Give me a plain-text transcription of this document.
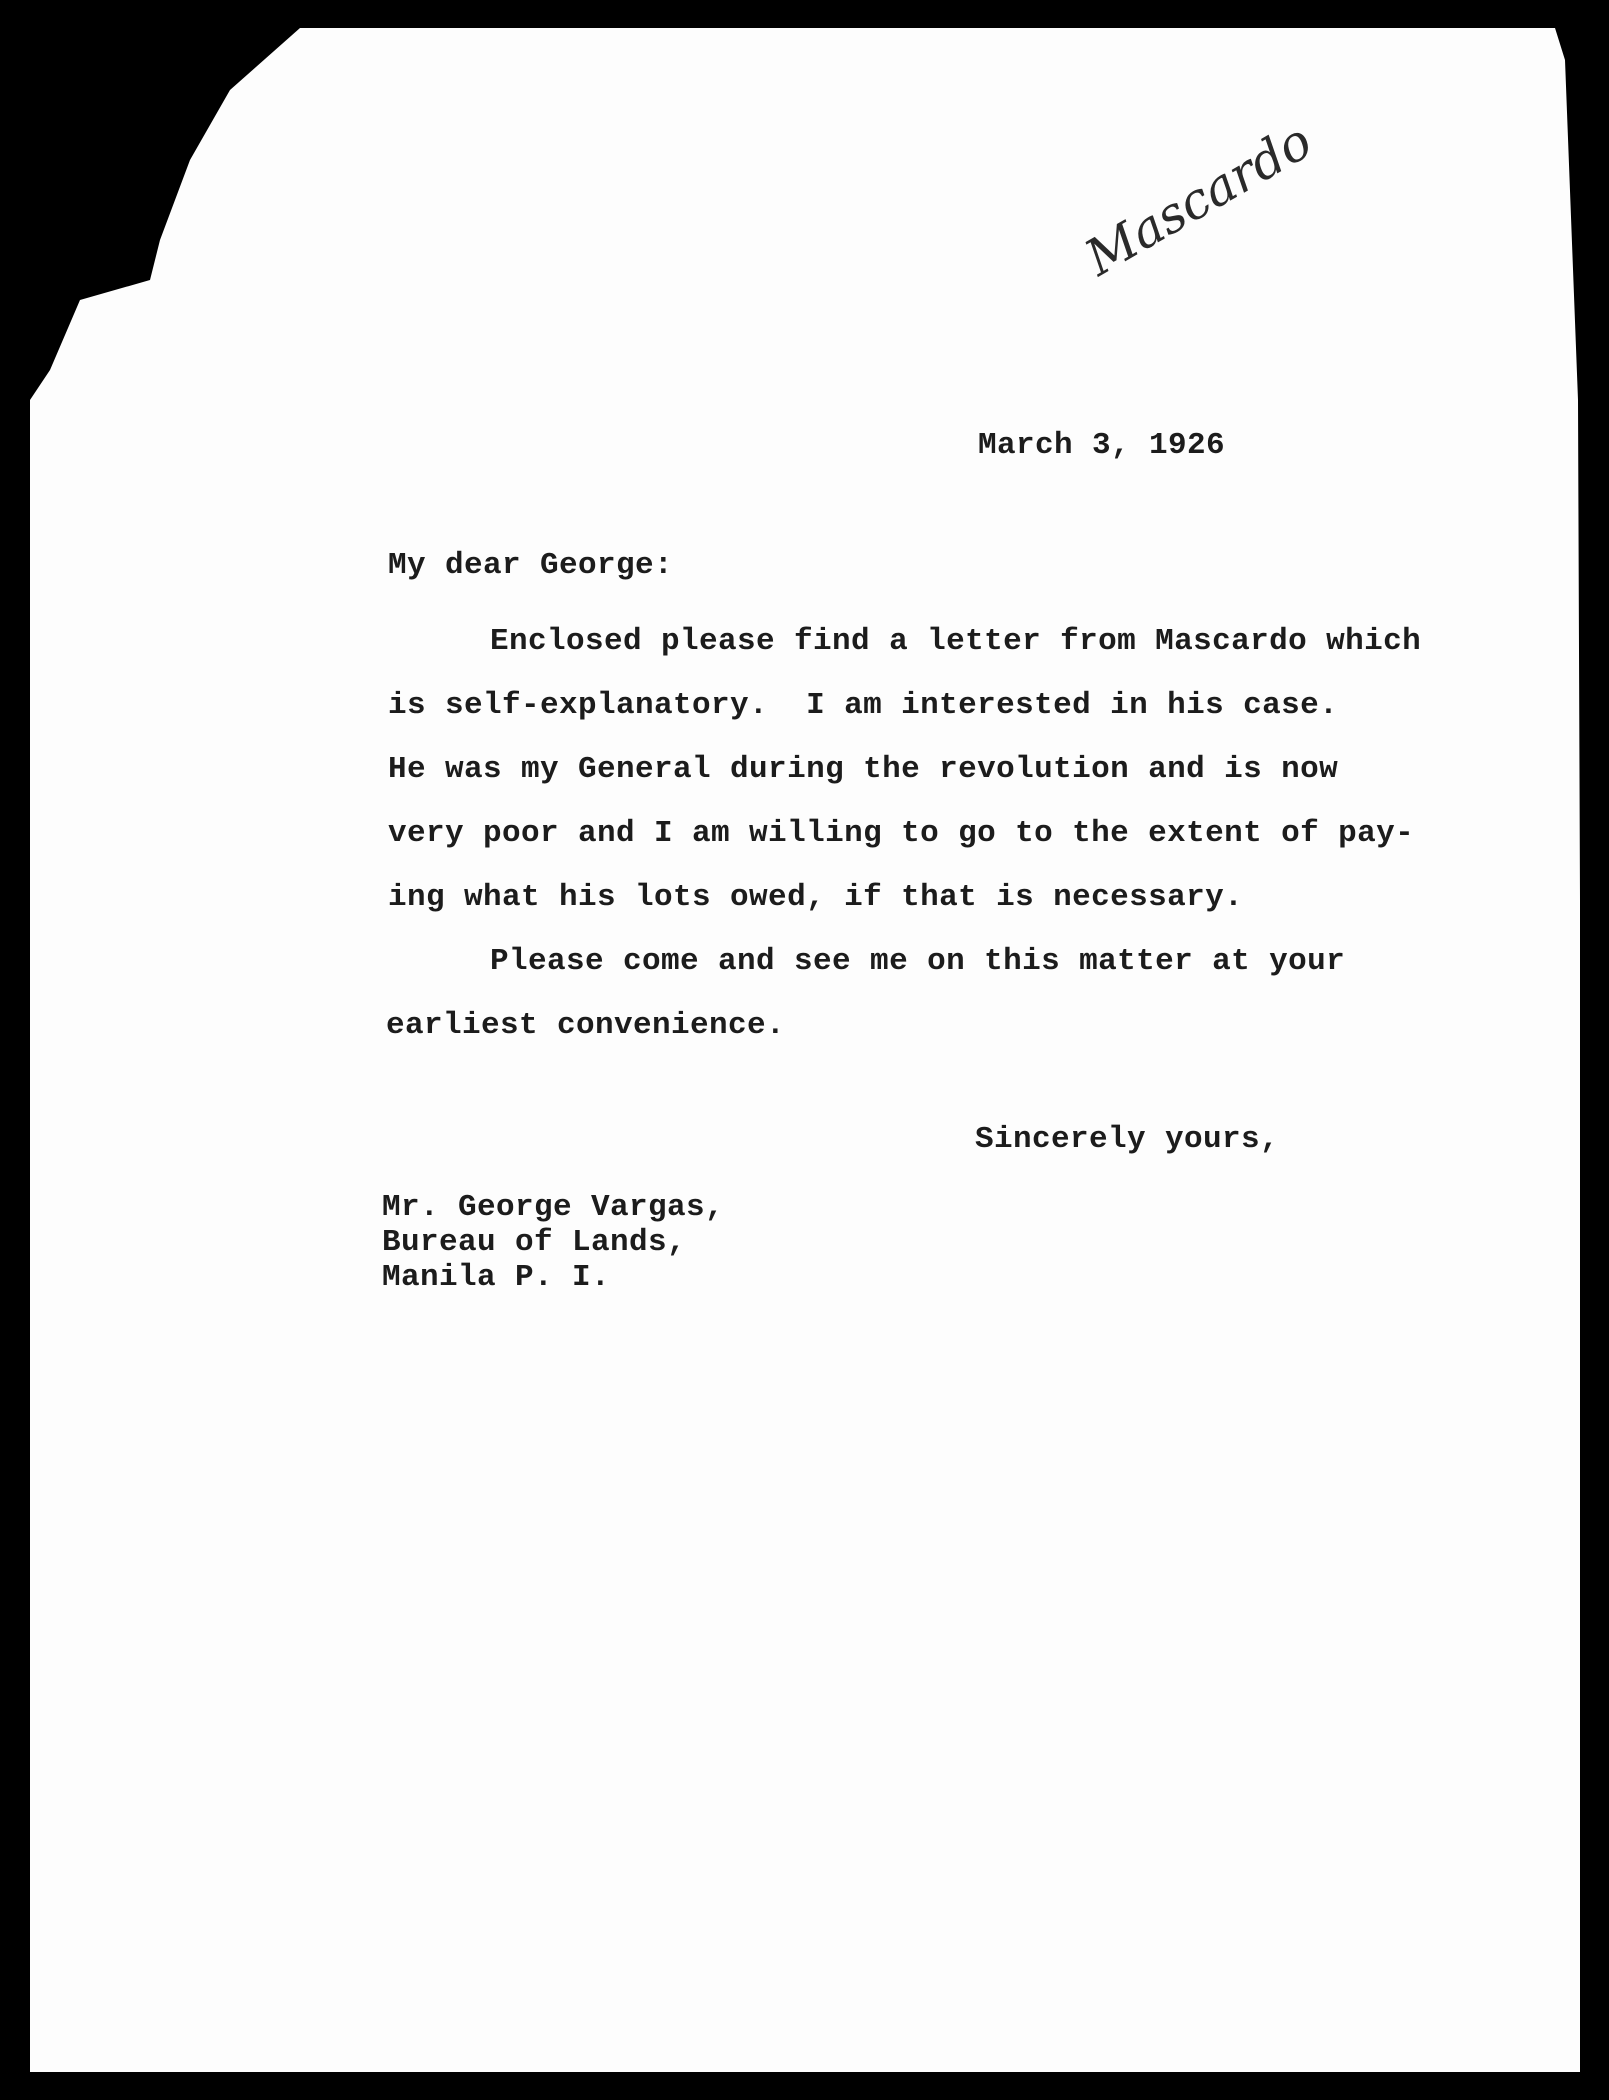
Mascardo
March 3, 1926
My dear George:
Enclosed please find a letter from Mascardo which
is self-explanatory.  I am interested in his case.
He was my General during the revolution and is now
very poor and I am willing to go to the extent of pay-
ing what his lots owed, if that is necessary.
Please come and see me on this matter at your
earliest convenience.
Sincerely yours,
Mr. George Vargas,
Bureau of Lands,
Manila P. I.
